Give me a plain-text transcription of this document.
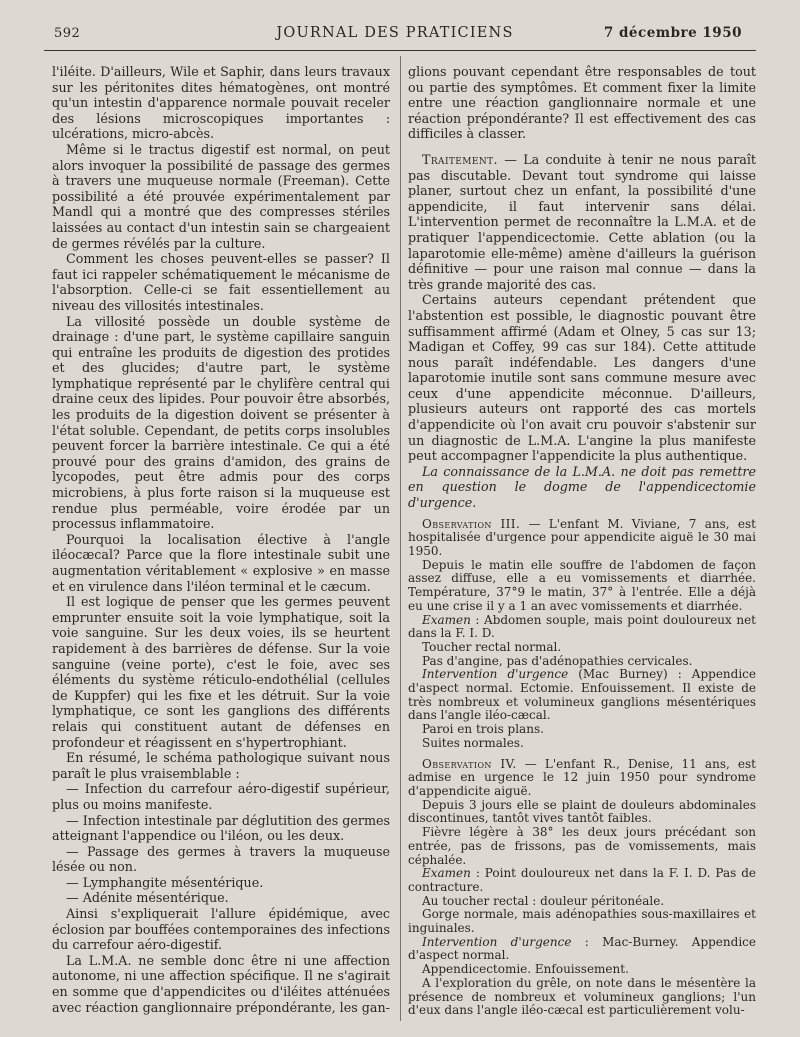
592	JOURNAL DES PRATICIENS	7 décembre 1950

l'iléite. D'ailleurs, Wile et Saphir, dans leurs travaux sur les péritonites dites hématogènes, ont montré qu'un intestin d'apparence normale pouvait receler des lésions microscopiques importantes : ulcérations, micro-abcès.

Même si le tractus digestif est normal, on peut alors invoquer la possibilité de passage des germes à travers une muqueuse normale (Freeman). Cette possibilité a été prouvée expérimentalement par Mandl qui a montré que des compresses stériles laissées au contact d'un intestin sain se chargeaient de germes révélés par la culture.

Comment les choses peuvent-elles se passer? Il faut ici rappeler schématiquement le mécanisme de l'absorption. Celle-ci se fait essentiellement au niveau des villosités intestinales.

La villosité possède un double système de drainage : d'une part, le système capillaire sanguin qui entraîne les produits de digestion des protides et des glucides; d'autre part, le système lymphatique représenté par le chylifère central qui draine ceux des lipides. Pour pouvoir être absorbés, les produits de la digestion doivent se présenter à l'état soluble. Cependant, de petits corps insolubles peuvent forcer la barrière intestinale. Ce qui a été prouvé pour des grains d'amidon, des grains de lycopodes, peut être admis pour des corps microbiens, à plus forte raison si la muqueuse est rendue plus perméable, voire érodée par un processus inflammatoire.

Pourquoi la localisation élective à l'angle iléocæcal? Parce que la flore intestinale subit une augmentation véritablement « explosive » en masse et en virulence dans l'iléon terminal et le cæcum.

Il est logique de penser que les germes peuvent emprunter ensuite soit la voie lymphatique, soit la voie sanguine. Sur les deux voies, ils se heurtent rapidement à des barrières de défense. Sur la voie sanguine (veine porte), c'est le foie, avec ses éléments du système réticulo-endothélial (cellules de Kuppfer) qui les fixe et les détruit. Sur la voie lymphatique, ce sont les ganglions des différents relais qui constituent autant de défenses en profondeur et réagissent en s'hypertrophiant.

En résumé, le schéma pathologique suivant nous paraît le plus vraisemblable :

— Infection du carrefour aéro-digestif supérieur, plus ou moins manifeste.

— Infection intestinale par déglutition des germes atteignant l'appendice ou l'iléon, ou les deux.

— Passage des germes à travers la muqueuse lésée ou non.

— Lymphangite mésentérique.

— Adénite mésentérique.

Ainsi s'expliquerait l'allure épidémique, avec éclosion par bouffées contemporaines des infections du carrefour aéro-digestif.

La L.M.A. ne semble donc être ni une affection autonome, ni une affection spécifique. Il ne s'agirait en somme que d'appendicites ou d'iléites atténuées avec réaction ganglionnaire prépondérante, les gan-

glions pouvant cependant être responsables de tout ou partie des symptômes. Et comment fixer la limite entre une réaction ganglionnaire normale et une réaction prépondérante? Il est effectivement des cas difficiles à classer.

Traitement. — La conduite à tenir ne nous paraît pas discutable. Devant tout syndrome qui laisse planer, surtout chez un enfant, la possibilité d'une appendicite, il faut intervenir sans délai. L'intervention permet de reconnaître la L.M.A. et de pratiquer l'appendicectomie. Cette ablation (ou la laparotomie elle-même) amène d'ailleurs la guérison définitive — pour une raison mal connue — dans la très grande majorité des cas.

Certains auteurs cependant prétendent que l'abstention est possible, le diagnostic pouvant être suffisamment affirmé (Adam et Olney, 5 cas sur 13; Madigan et Coffey, 99 cas sur 184). Cette attitude nous paraît indéfendable. Les dangers d'une laparotomie inutile sont sans commune mesure avec ceux d'une appendicite méconnue. D'ailleurs, plusieurs auteurs ont rapporté des cas mortels d'appendicite où l'on avait cru pouvoir s'abstenir sur un diagnostic de L.M.A. L'angine la plus manifeste peut accompagner l'appendicite la plus authentique.

La connaissance de la L.M.A. ne doit pas remettre en question le dogme de l'appendicectomie d'urgence.

Observation III. — L'enfant M. Viviane, 7 ans, est hospitalisée d'urgence pour appendicite aiguë le 30 mai 1950.

Depuis le matin elle souffre de l'abdomen de façon assez diffuse, elle a eu vomissements et diarrhée. Température, 37°9 le matin, 37° à l'entrée. Elle a déjà eu une crise il y a 1 an avec vomissements et diarrhée.

Examen : Abdomen souple, mais point douloureux net dans la F. I. D.

Toucher rectal normal.

Pas d'angine, pas d'adénopathies cervicales.

Intervention d'urgence (Mac Burney) : Appendice d'aspect normal. Ectomie. Enfouissement. Il existe de très nombreux et volumineux ganglions mésentériques dans l'angle iléo-cæcal.

Paroi en trois plans.

Suites normales.

Observation IV. — L'enfant R., Denise, 11 ans, est admise en urgence le 12 juin 1950 pour syndrome d'appendicite aiguë.

Depuis 3 jours elle se plaint de douleurs abdominales discontinues, tantôt vives tantôt faibles.

Fièvre légère à 38° les deux jours précédant son entrée, pas de frissons, pas de vomissements, mais céphalée.

Examen : Point douloureux net dans la F. I. D. Pas de contracture.

Au toucher rectal : douleur péritonéale.

Gorge normale, mais adénopathies sous-maxillaires et inguinales.

Intervention d'urgence : Mac-Burney. Appendice d'aspect normal.

Appendicectomie. Enfouissement.

A l'exploration du grêle, on note dans le mésentère la présence de nombreux et volumineux ganglions; l'un d'eux dans l'angle iléo-cæcal est particulièrement volu-
